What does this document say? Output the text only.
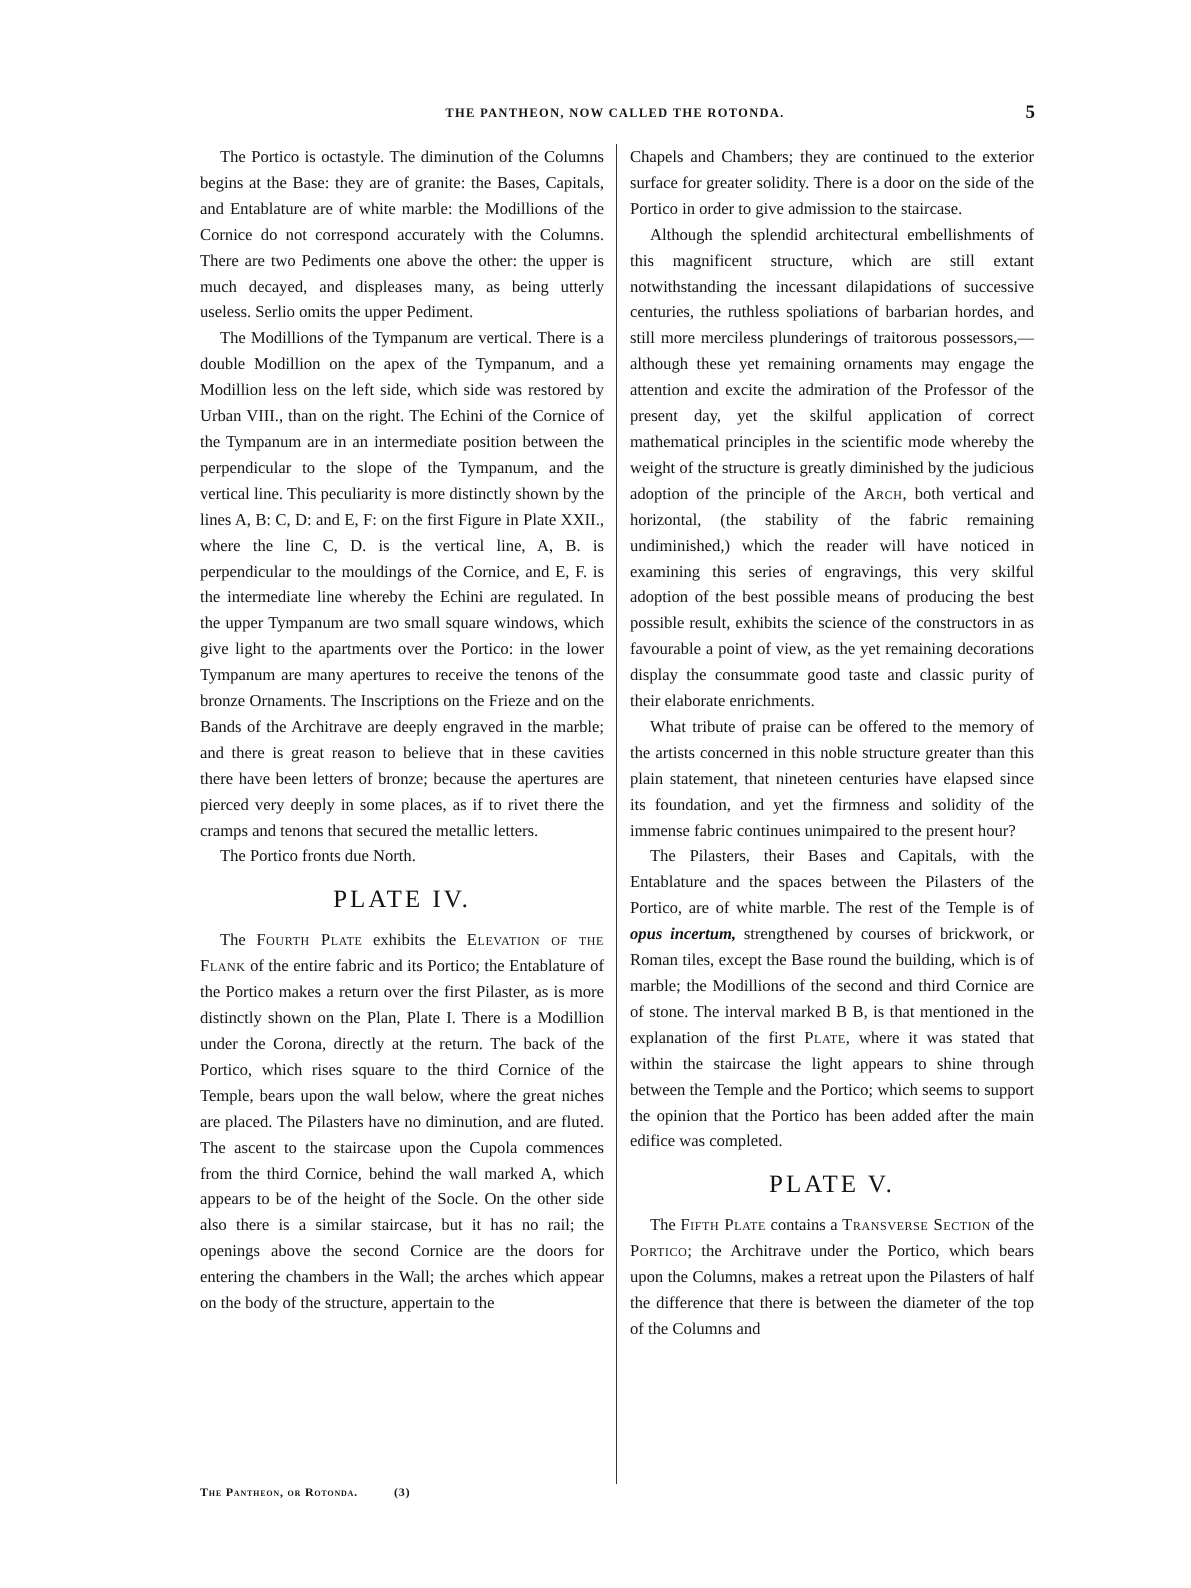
THE PANTHEON, NOW CALLED THE ROTONDA.	5

The Portico is octastyle. The diminution of the Columns begins at the Base: they are of granite: the Bases, Capitals, and Entablature are of white marble: the Modillions of the Cornice do not correspond accurately with the Columns. There are two Pediments one above the other: the upper is much decayed, and displeases many, as being utterly useless. Serlio omits the upper Pediment.

The Modillions of the Tympanum are vertical. There is a double Modillion on the apex of the Tympanum, and a Modillion less on the left side, which side was restored by Urban VIII., than on the right. The Echini of the Cornice of the Tympanum are in an intermediate position between the perpendicular to the slope of the Tympanum, and the vertical line. This peculiarity is more distinctly shown by the lines A, B: C, D: and E, F: on the first Figure in Plate XXII., where the line C, D. is the vertical line, A, B. is perpendicular to the mouldings of the Cornice, and E, F. is the intermediate line whereby the Echini are regulated. In the upper Tympanum are two small square windows, which give light to the apartments over the Portico: in the lower Tympanum are many apertures to receive the tenons of the bronze Ornaments. The Inscriptions on the Frieze and on the Bands of the Architrave are deeply engraved in the marble; and there is great reason to believe that in these cavities there have been letters of bronze; because the apertures are pierced very deeply in some places, as if to rivet there the cramps and tenons that secured the metallic letters.

The Portico fronts due North.

PLATE IV.

The Fourth Plate exhibits the Elevation of the Flank of the entire fabric and its Portico; the Entablature of the Portico makes a return over the first Pilaster, as is more distinctly shown on the Plan, Plate I. There is a Modillion under the Corona, directly at the return. The back of the Portico, which rises square to the third Cornice of the Temple, bears upon the wall below, where the great niches are placed. The Pilasters have no diminution, and are fluted. The ascent to the staircase upon the Cupola commences from the third Cornice, behind the wall marked A, which appears to be of the height of the Socle. On the other side also there is a similar staircase, but it has no rail; the openings above the second Cornice are the doors for entering the chambers in the Wall; the arches which appear on the body of the structure, appertain to the

Chapels and Chambers; they are continued to the exterior surface for greater solidity. There is a door on the side of the Portico in order to give admission to the staircase.

Although the splendid architectural embellishments of this magnificent structure, which are still extant notwithstanding the incessant dilapidations of successive centuries, the ruthless spoliations of barbarian hordes, and still more merciless plunderings of traitorous possessors,—although these yet remaining ornaments may engage the attention and excite the admiration of the Professor of the present day, yet the skilful application of correct mathematical principles in the scientific mode whereby the weight of the structure is greatly diminished by the judicious adoption of the principle of the Arch, both vertical and horizontal, (the stability of the fabric remaining undiminished,) which the reader will have noticed in examining this series of engravings, this very skilful adoption of the best possible means of producing the best possible result, exhibits the science of the constructors in as favourable a point of view, as the yet remaining decorations display the consummate good taste and classic purity of their elaborate enrichments.

What tribute of praise can be offered to the memory of the artists concerned in this noble structure greater than this plain statement, that nineteen centuries have elapsed since its foundation, and yet the firmness and solidity of the immense fabric continues unimpaired to the present hour?

The Pilasters, their Bases and Capitals, with the Entablature and the spaces between the Pilasters of the Portico, are of white marble. The rest of the Temple is of opus incertum, strengthened by courses of brickwork, or Roman tiles, except the Base round the building, which is of marble; the Modillions of the second and third Cornice are of stone. The interval marked B B, is that mentioned in the explanation of the first Plate, where it was stated that within the staircase the light appears to shine through between the Temple and the Portico; which seems to support the opinion that the Portico has been added after the main edifice was completed.

PLATE V.

The Fifth Plate contains a Transverse Section of the Portico; the Architrave under the Portico, which bears upon the Columns, makes a retreat upon the Pilasters of half the difference that there is between the diameter of the top of the Columns and

The Pantheon, or Rotonda.	(3)
